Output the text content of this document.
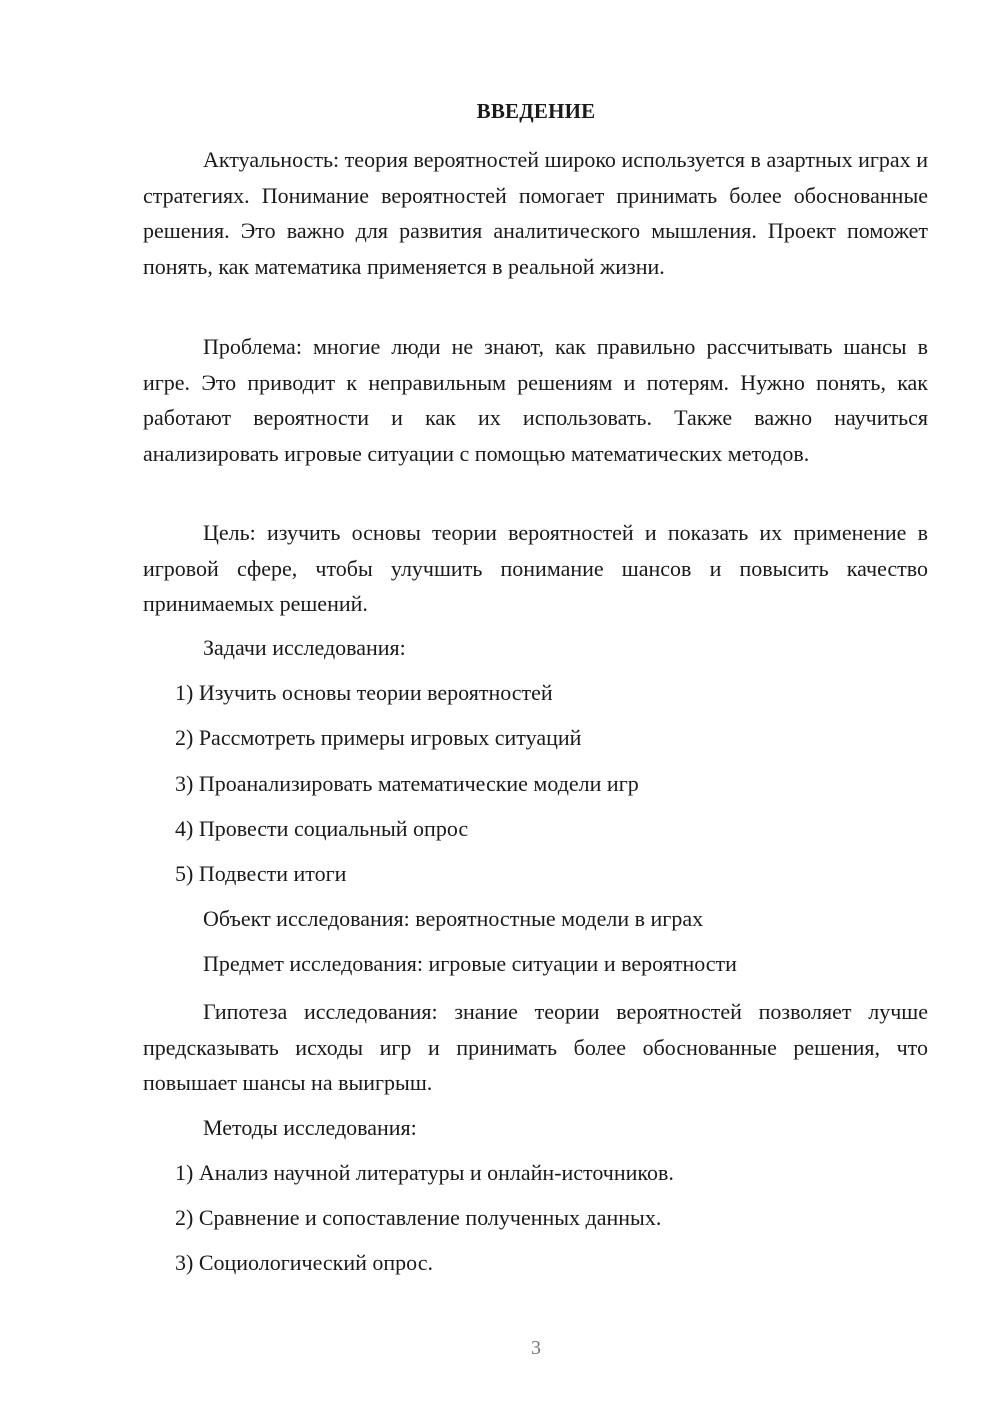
ВВЕДЕНИЕ

Актуальность: теория вероятностей широко используется в азартных играх и стратегиях. Понимание вероятностей помогает принимать более обоснованные решения. Это важно для развития аналитического мышления. Проект поможет понять, как математика применяется в реальной жизни.

Проблема: многие люди не знают, как правильно рассчитывать шансы в игре. Это приводит к неправильным решениям и потерям. Нужно понять, как работают вероятности и как их использовать. Также важно научиться анализировать игровые ситуации с помощью математических методов.

Цель: изучить основы теории вероятностей и показать их применение в игровой сфере, чтобы улучшить понимание шансов и повысить качество принимаемых решений.

Задачи исследования:
1) Изучить основы теории вероятностей
2) Рассмотреть примеры игровых ситуаций
3) Проанализировать математические модели игр
4) Провести социальный опрос
5) Подвести итоги
Объект исследования: вероятностные модели в играх
Предмет исследования: игровые ситуации и вероятности

Гипотеза исследования: знание теории вероятностей позволяет лучше предсказывать исходы игр и принимать более обоснованные решения, что повышает шансы на выигрыш.

Методы исследования:
1) Анализ научной литературы и онлайн-источников.
2) Сравнение и сопоставление полученных данных.
3) Социологический опрос.
3
